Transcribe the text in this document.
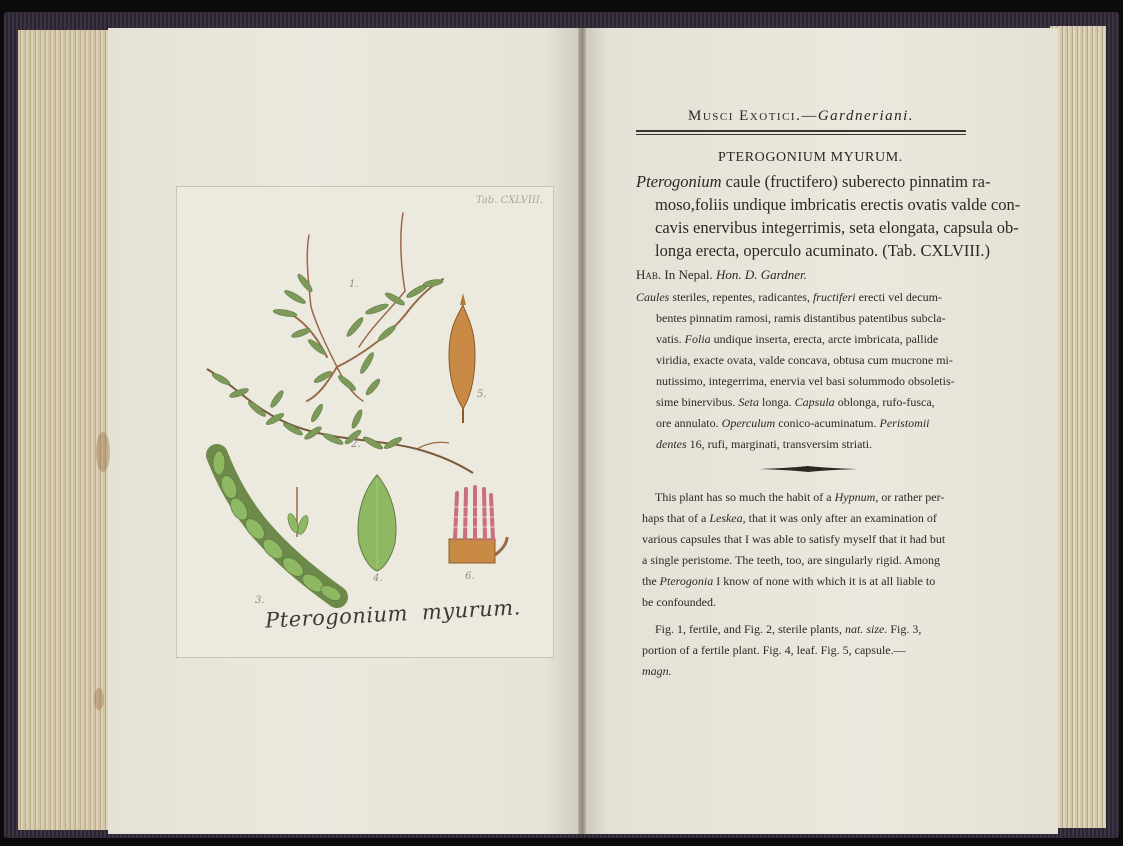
Tab. CXLVIII.
1.
2.
3.
4.
5.
6.
Pterogonium myurum.
Musci Exotici.—Gardneriani.
PTEROGONIUM MYURUM.
Pterogonium caule (fructifero) suberecto pinnatim ra-
moso,foliis undique imbricatis erectis ovatis valde con-
cavis enervibus integerrimis, seta elongata, capsula ob-
longa erecta, operculo acuminato. (Tab. CXLVIII.)
Hab. In Nepal. Hon. D. Gardner.
Caules steriles, repentes, radicantes, fructiferi erecti vel decum-
bentes pinnatim ramosi, ramis distantibus patentibus subcla-
vatis. Folia undique inserta, erecta, arcte imbricata, pallide
viridia, exacte ovata, valde concava, obtusa cum mucrone mi-
nutissimo, integerrima, enervia vel basi solummodo obsoletis-
sime binervibus. Seta longa. Capsula oblonga, rufo-fusca,
ore annulato. Operculum conico-acuminatum. Peristomii
dentes 16, rufi, marginati, transversim striati.
This plant has so much the habit of a Hypnum, or rather per-
haps that of a Leskea, that it was only after an examination of
various capsules that I was able to satisfy myself that it had but
a single peristome. The teeth, too, are singularly rigid. Among
the Pterogonia I know of none with which it is at all liable to
be confounded.
Fig. 1, fertile, and Fig. 2, sterile plants, nat. size. Fig. 3,
portion of a fertile plant. Fig. 4, leaf. Fig. 5, capsule.—
magn.
